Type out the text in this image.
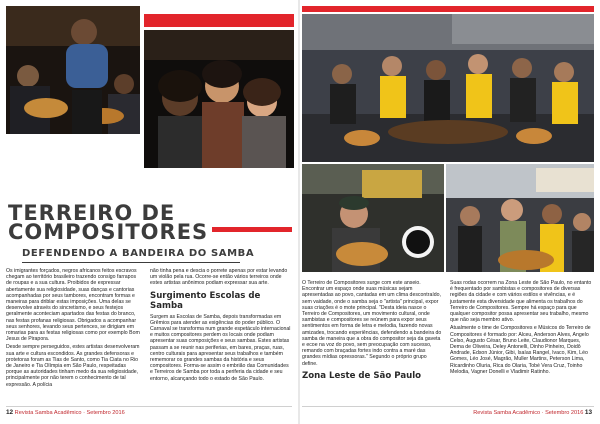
TERREIRO DE COMPOSITORES
DEFENDENDO A BANDEIRA DO SAMBA

Os imigrantes forçados, negros africanos feitos escravos chegam ao território brasileiro trazendo consigo farrapos de roupas e a sua cultura. Proibidos de expressar abertamente sua religiosidade, suas danças e cantorias acompanhadas por seus tambores, encontram formas e maneiras para driblar estas imposições. Uma delas se desenvolve através do sincretismo, e seus festejos geralmente aconteciam apartados das festas do branco, nas festas profanas religiosas. Obrigados a acompanhar seus senhores, levando seus pertences, se dirigiam em romarias para as festas religiosas como por exemplo Bom Jesus de Pirapora.

Desde sempre perseguidos, estes artistas desenvolveram sua arte e cultura escondidos. As grandes defensoras e protetoras foram as Tias de Santo, como Tia Ciata no Rio de Janeiro e Tia Olímpia em São Paulo, respeitadas porque as autoridades tinham medo da sua religiosidade, principalmente por não terem o conhecimento de tal expressão. A polícia

não tinha pena e descia o porrete apenas por estar levando um violão pela rua. Ocorre-se então vários terreiros onde estes artistas anônimos podiam expressar sua arte.

Surgimento Escolas de Samba

Surgem as Escolas de Samba, depois transformadas em Grêmios para atender as exigências do poder público. O Carnaval se transforma num grande espetáculo internacional e muitos compositores perdem os locais onde podiam apresentar suas composições e seus sambas. Estes artistas passam a se reunir nas periferias, em bares, praças, ruas, centro culturais para apresentar seus trabalhos e também rememorar os grandes sambas da história e seus compositores. Forma-se assim o embrião das Comunidades e Terreiros de Samba por toda a periferia da cidade e seu entorno, alcançando todo o estado de São Paulo.

12 Revista Samba Acadêmico · Setembro 2016

O Terreiro de Compositores surge com este anseio. Encontrar um espaço onde suas músicas sejam apresentadas ao povo, cantadas em um clima descontraído, sem vaidade, onde o samba seja o "artista" principal, expor suas criações é o mote principal. "Desta ideia nasce o Terreiro de Compositores, um movimento cultural, onde sambistas e compositores se reúnem para expor seus sentimentos em forma de letra e melodia, fazendo novas amizades, trocando experiências, defendendo a bandeira do samba de maneira que a obra do compositor seja da gaveta e ecoe na voz do povo, sem preocupação com sucesso, remando com braçadas fortes indo contra a maré das grandes mídias opressoras." Segundo o próprio grupo define.

Zona Leste de São Paulo

Suas rodas ocorrem na Zona Leste de São Paulo, no entanto é frequentado por sambistas e compositores de diversas regiões da cidade e com vários estilos e vivências, e é justamente esta diversidade que alimenta os trabalhos do Terreiro de Compositores. Sempre há espaço para que qualquer compositor possa apresentar seu trabalho, mesmo que não seja membro ativo.

Atualmente o time de Compositores e Músicos do Terreiro de Compositores é formado por: Alceu, Anderson Alves, Angelo Celso, Augusto César, Bruno Leite, Claudionor Marques, Dema de Oliveira, Deley Antonelli, Dinho Pinheiro, Doidô Andrade, Edson Júnior, Gibi, Isaías Rangel, Ivaco, Kim, Léo Gomes, Léo José, Magrão, Muller Martins, Peterson Lima, Ricardinho Oluria, Rica do Olaria, Tobé Vera Cruz, Toinho Melodia, Vagner Donelli e Vladimir Ratinho.

Revista Samba Acadêmico · Setembro 2016 13
